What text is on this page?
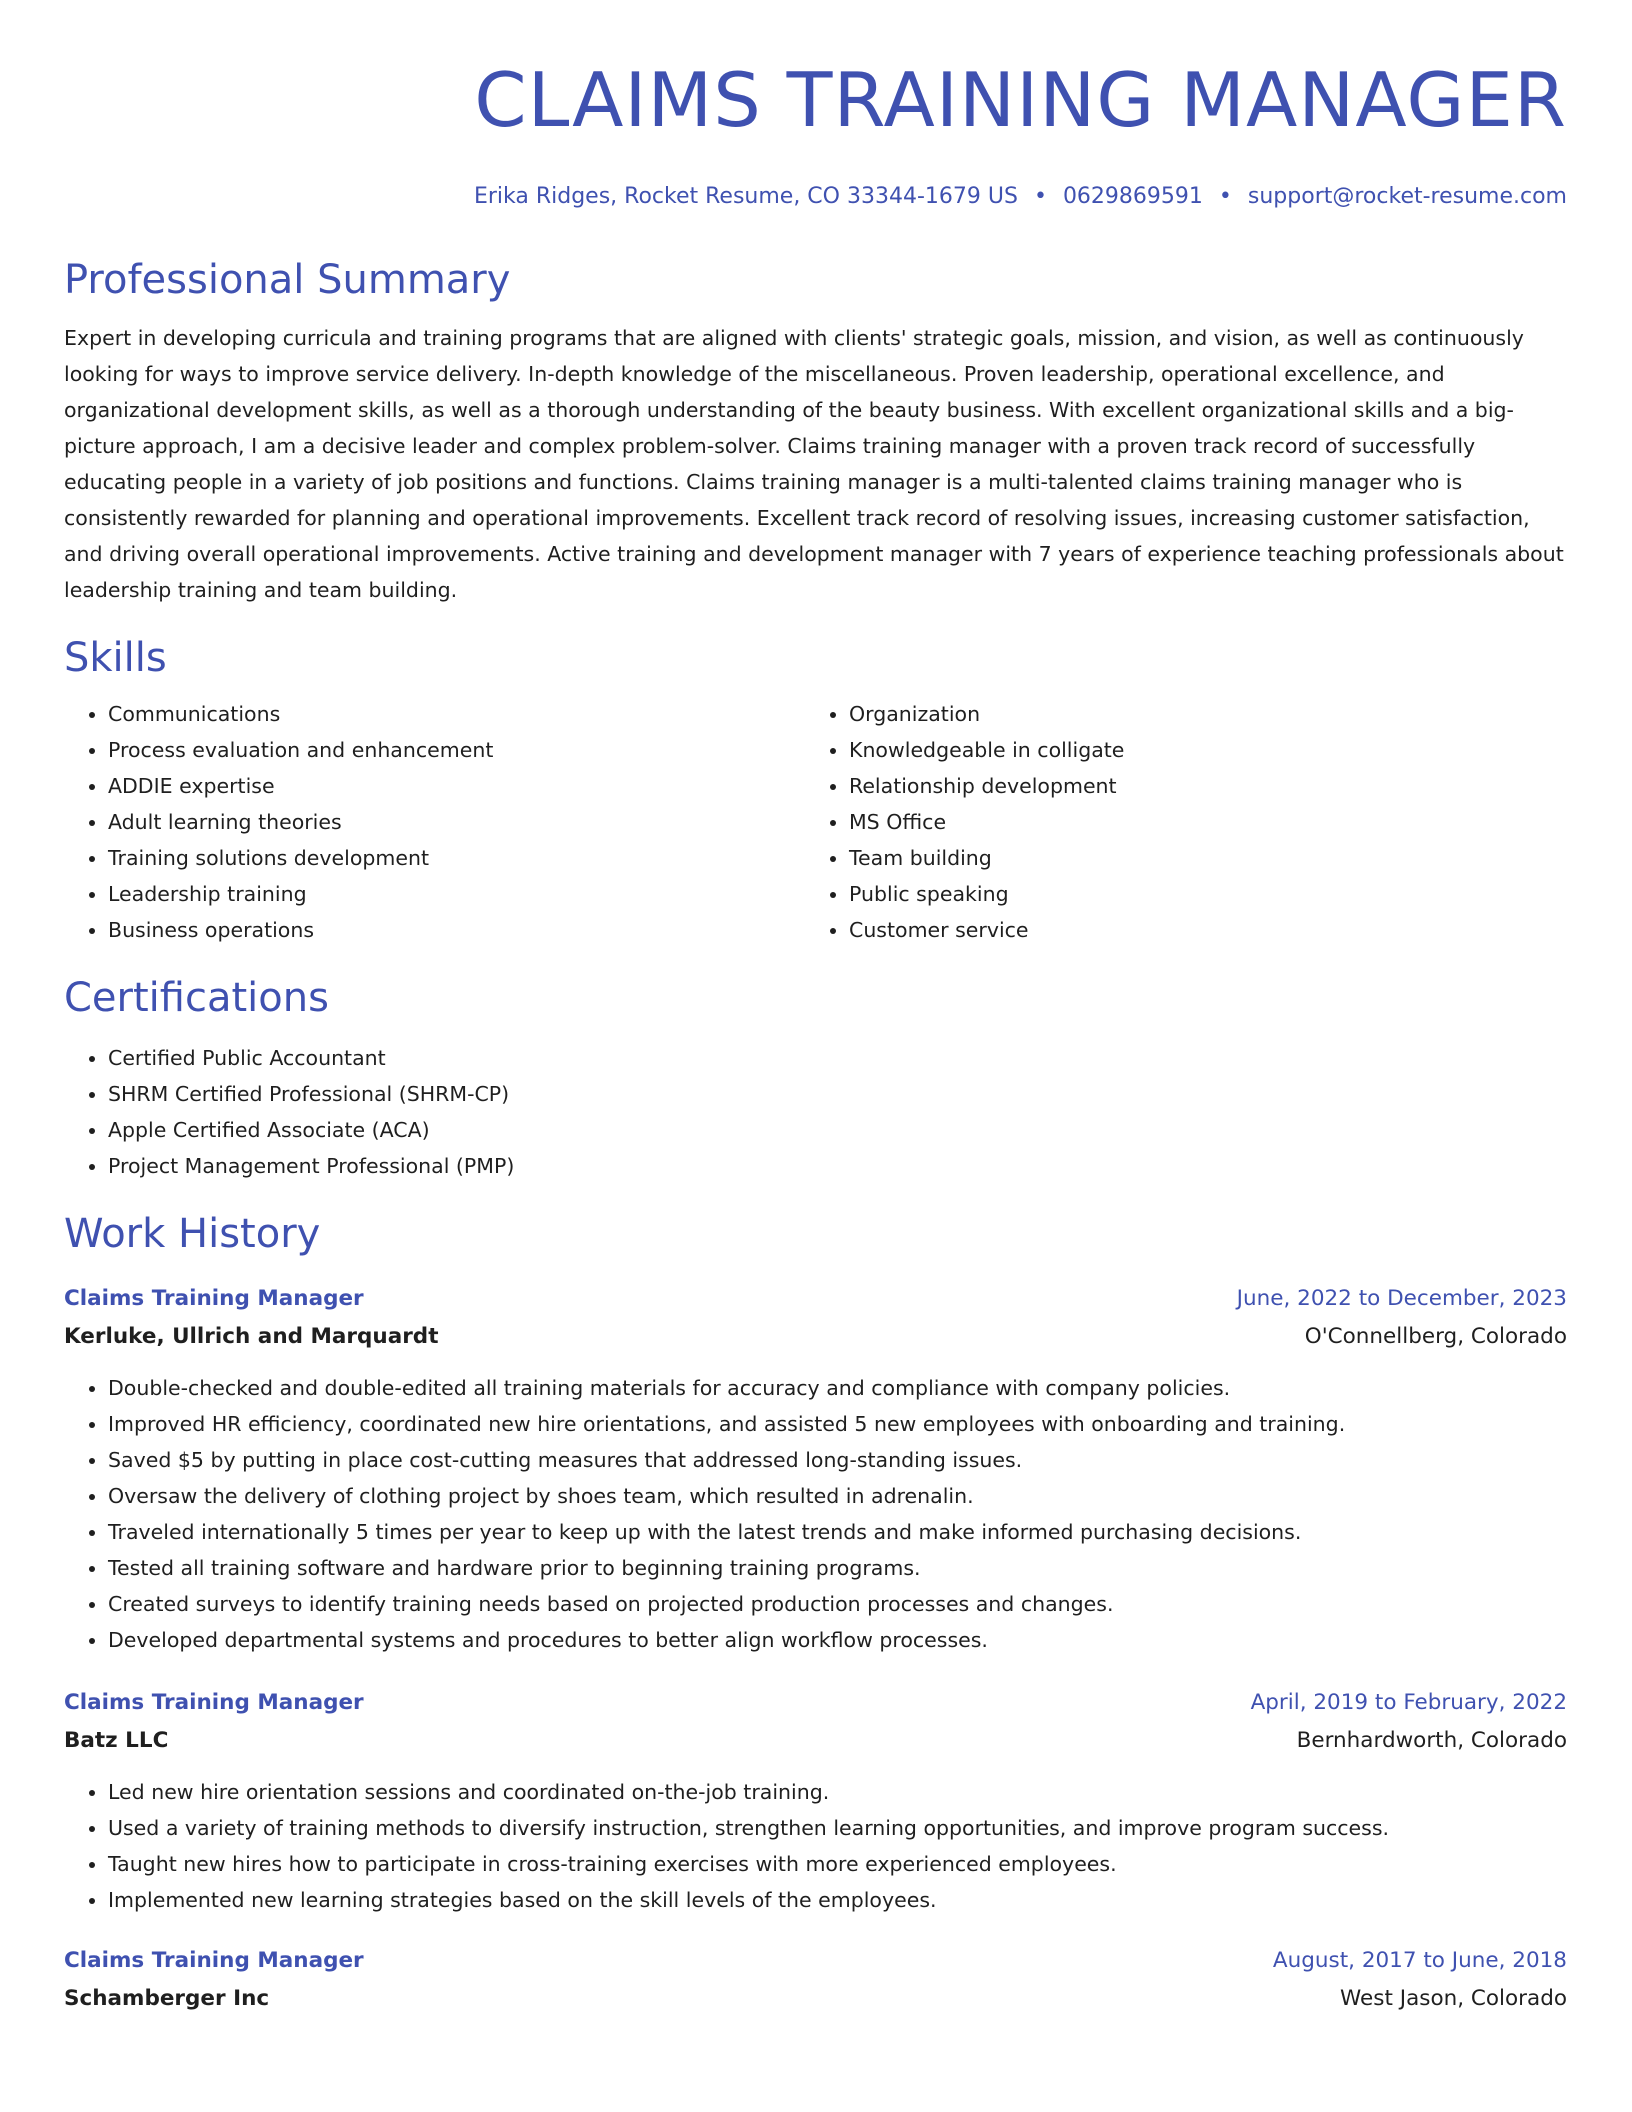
CLAIMS TRAINING MANAGER
Erika Ridges, Rocket Resume, CO 33344-1679 US • 0629869591 • support@rocket-resume.com
Professional Summary
Expert in developing curricula and training programs that are aligned with clients' strategic goals, mission, and vision, as well as continuously looking for ways to improve service delivery. In-depth knowledge of the miscellaneous. Proven leadership, operational excellence, and organizational development skills, as well as a thorough understanding of the beauty business. With excellent organizational skills and a big-picture approach, I am a decisive leader and complex problem-solver. Claims training manager with a proven track record of successfully educating people in a variety of job positions and functions. Claims training manager is a multi-talented claims training manager who is consistently rewarded for planning and operational improvements. Excellent track record of resolving issues, increasing customer satisfaction, and driving overall operational improvements. Active training and development manager with 7 years of experience teaching professionals about leadership training and team building.
Skills
• Communications
• Process evaluation and enhancement
• ADDIE expertise
• Adult learning theories
• Training solutions development
• Leadership training
• Business operations
• Organization
• Knowledgeable in colligate
• Relationship development
• MS Office
• Team building
• Public speaking
• Customer service
Certifications
• Certified Public Accountant
• SHRM Certified Professional (SHRM-CP)
• Apple Certified Associate (ACA)
• Project Management Professional (PMP)
Work History
Claims Training Manager	June, 2022 to December, 2023
Kerluke, Ullrich and Marquardt	O'Connellberg, Colorado
• Double-checked and double-edited all training materials for accuracy and compliance with company policies.
• Improved HR efficiency, coordinated new hire orientations, and assisted 5 new employees with onboarding and training.
• Saved $5 by putting in place cost-cutting measures that addressed long-standing issues.
• Oversaw the delivery of clothing project by shoes team, which resulted in adrenalin.
• Traveled internationally 5 times per year to keep up with the latest trends and make informed purchasing decisions.
• Tested all training software and hardware prior to beginning training programs.
• Created surveys to identify training needs based on projected production processes and changes.
• Developed departmental systems and procedures to better align workflow processes.
Claims Training Manager	April, 2019 to February, 2022
Batz LLC	Bernhardworth, Colorado
• Led new hire orientation sessions and coordinated on-the-job training.
• Used a variety of training methods to diversify instruction, strengthen learning opportunities, and improve program success.
• Taught new hires how to participate in cross-training exercises with more experienced employees.
• Implemented new learning strategies based on the skill levels of the employees.
Claims Training Manager	August, 2017 to June, 2018
Schamberger Inc	West Jason, Colorado
